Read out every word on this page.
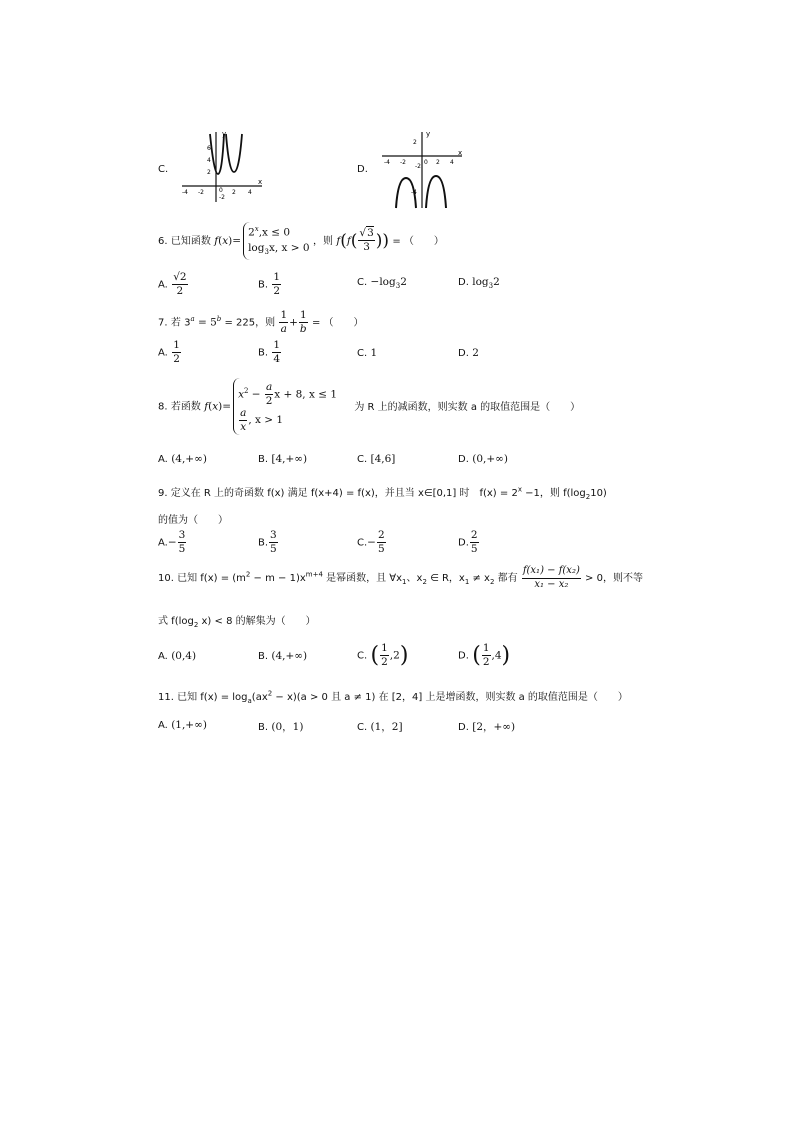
C.
y
x
6
4
2
-2
-4 -2	0 2 4
D.
y
x
2
-2
-4
-4 -2	0 2 4
6. 已知函数 f(x)=
$2^x,x \le 0$
$\log_3x$, x > 0
，则 $f(f( \frac{√3}{3}$ )) = （　　）
A. $\frac{√2}{2}$	B. $\frac{1}{2}$	C. $-\log_32$	D. $\log_32$
7. 若 $3^a = 5^b = 225$，则 $\frac{1}{a} + \frac{1}{b}$ = （　　）
A. $\frac{1}{2}$	B. $\frac{1}{4}$	C. 1	D. 2
8. 若函数 f(x)=
$x^2 - \frac{a}{2}$ x + 8, x ≤ 1
$\frac{a}{x}$ , x > 1
为 R 上的减函数，则实数 a 的取值范围是（　　）
A. (4,+∞)	B. [4,+∞)	C. [4,6]	D. (0,+∞)
9. 定义在 R 上的奇函数 f(x) 满足 f(x+4) = f(x)，并且当 x∈[0,1] 时　$f(x) = 2^x -1$，则 $f(\log_210)$
的值为（　　）
$A.- \frac{3}{5}$	B. $\frac{3}{5}$	$C.- \frac{2}{5}$	D. $\frac{2}{5}$
10. 已知 $f(x) = (m^2 - m - 1)x^{m+4}$ 是幂函数，且 $\forall x_1$、$x_2$ ∈ R，$x_1 \ne x_2$ 都有 $\frac{\text{f(x₁) − f(x₂)}}{\text{x₁ − x₂}} > 0$，则不等
式 $f(\log_2$ x) < 8 的解集为（　　）
A. (0,4)	B. (4,+∞)	C. ( $\frac{1}{2} ,2$)	D. ( $\frac{1}{2} ,4$)
11. 已知 $f(x) = \log_a(ax^2 - x)(a > 0$ 且 a ≠ 1) 在 [2，4] 上是增函数，则实数 a 的取值范围是（　　）
A. (1,+∞)	B. (0，1)	C. (1，2]	D. [2，+∞)
